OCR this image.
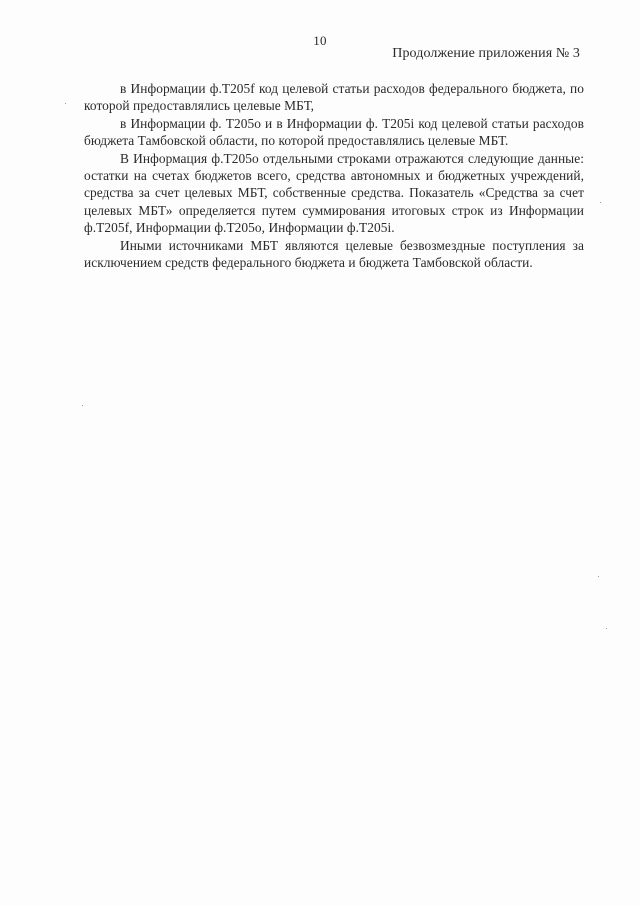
10
Продолжение приложения № 3

в Информации ф.Т205f код целевой статьи расходов федерального бюджета, по которой предоставлялись целевые МБТ,

в Информации ф. Т205о и в Информации ф. Т205i код целевой статьи расходов бюджета Тамбовской области, по которой предоставлялись целевые МБТ.

В Информация ф.Т205о отдельными строками отражаются следующие данные: остатки на счетах бюджетов всего, средства автономных и бюджетных учреждений, средства за счет целевых МБТ, собственные средства. Показатель «Средства за счет целевых МБТ» определяется путем суммирования итоговых строк из Информации ф.Т205f, Информации ф.Т205о, Информации ф.Т205i.

Иными источниками МБТ являются целевые безвозмездные поступления за исключением средств федерального бюджета и бюджета Тамбовской области.
